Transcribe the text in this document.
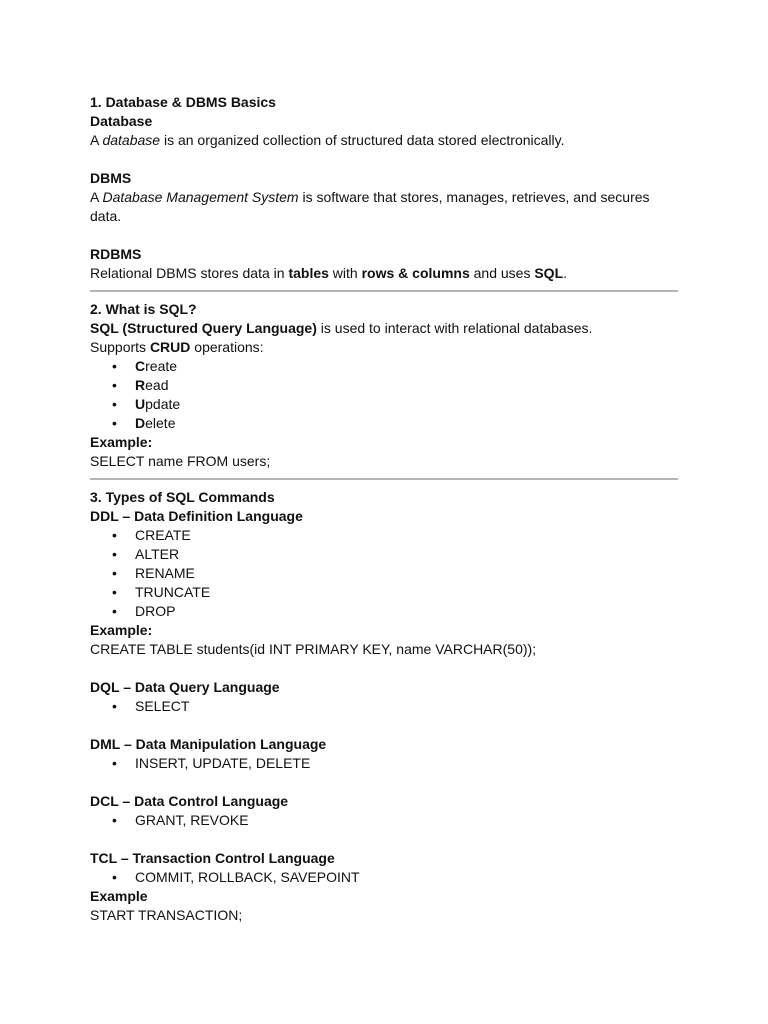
1. Database & DBMS Basics
Database
A database is an organized collection of structured data stored electronically.
DBMS
A Database Management System is software that stores, manages, retrieves, and secures data.
RDBMS
Relational DBMS stores data in tables with rows & columns and uses SQL.
2. What is SQL?
SQL (Structured Query Language) is used to interact with relational databases.
Supports CRUD operations:
• Create
• Read
• Update
• Delete
Example:
SELECT name FROM users;
3. Types of SQL Commands
DDL – Data Definition Language
• CREATE
• ALTER
• RENAME
• TRUNCATE
• DROP
Example:
CREATE TABLE students(id INT PRIMARY KEY, name VARCHAR(50));
DQL – Data Query Language
• SELECT
DML – Data Manipulation Language
• INSERT, UPDATE, DELETE
DCL – Data Control Language
• GRANT, REVOKE
TCL – Transaction Control Language
• COMMIT, ROLLBACK, SAVEPOINT
Example
START TRANSACTION;
